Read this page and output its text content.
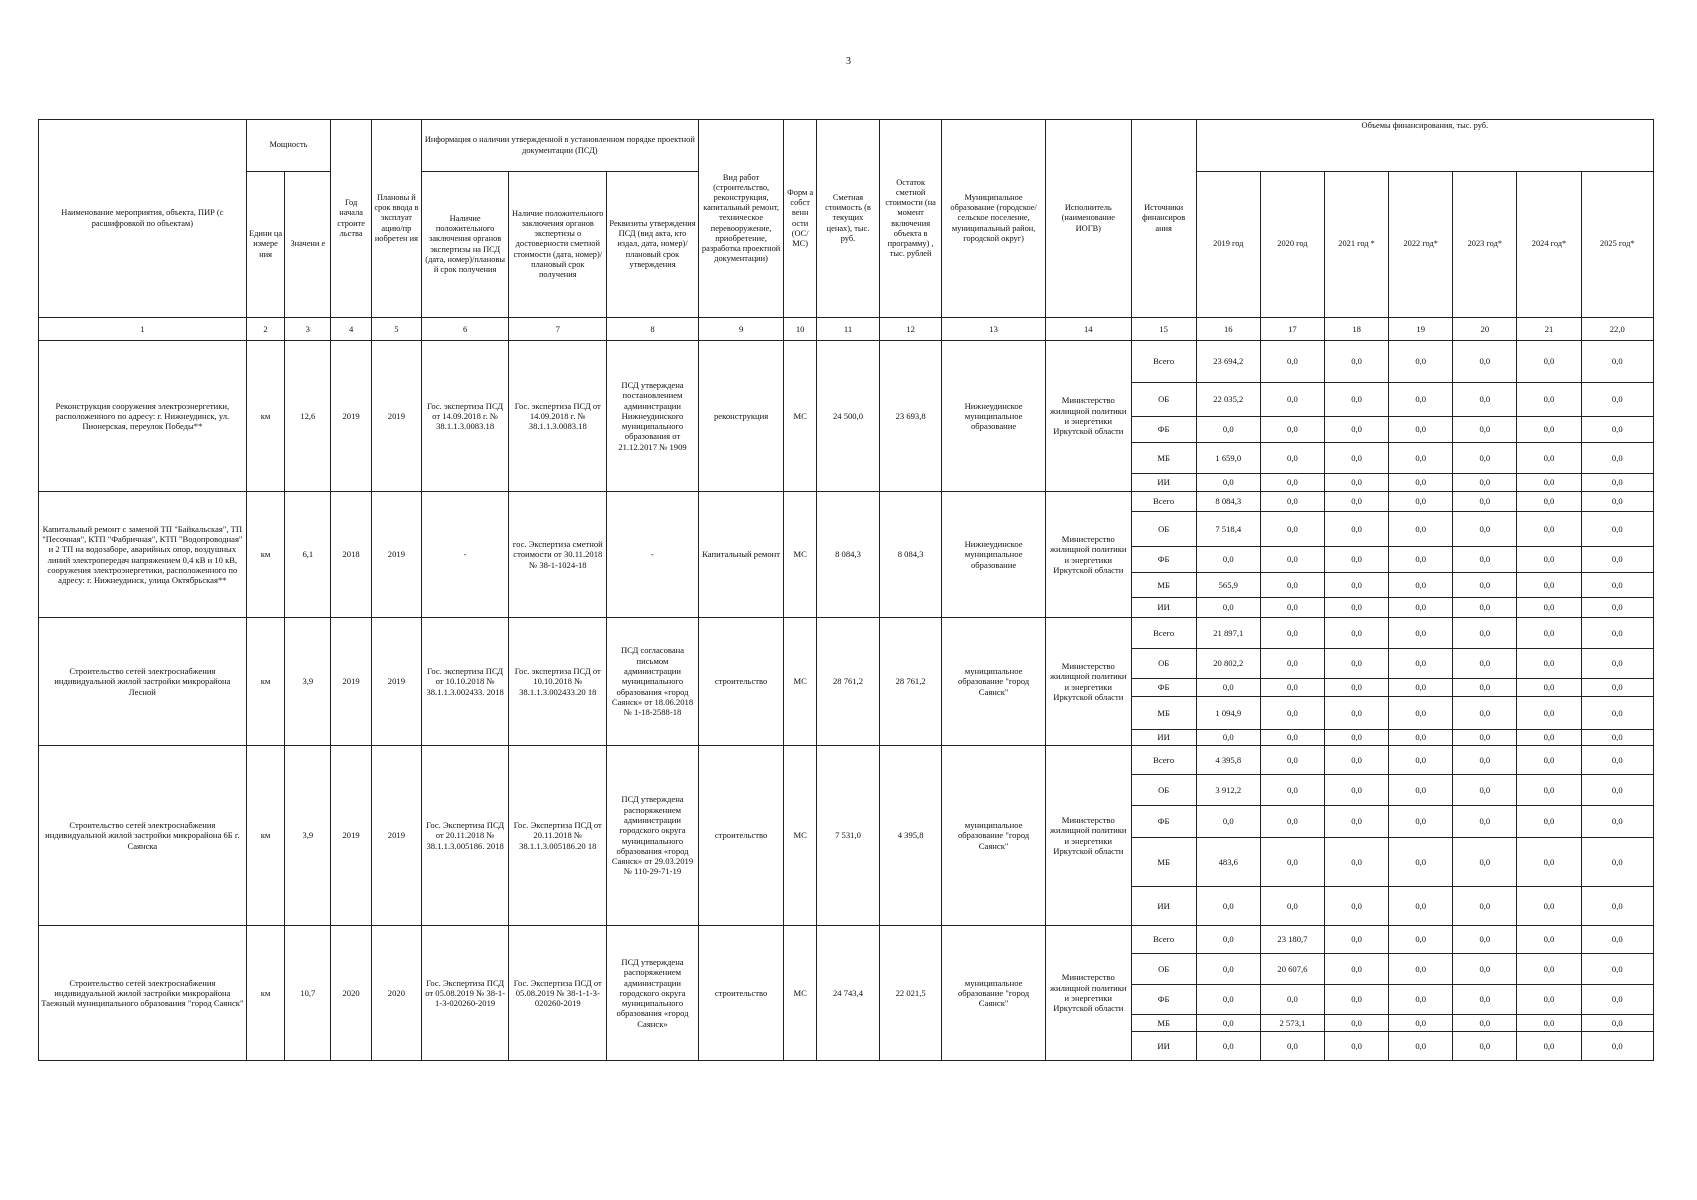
3
Наименование мероприятия, объекта, ПИР (с расшифровкой по объектам)	Мощность		Год начала строите льства	Плановы й срок ввода в эксплуат ацию/пр иобретен ия	Информация о наличии утвержденной в установленном порядке проектной документации (ПСД)			Вид работ (строительство, реконструкция, капитальный ремонт, техническое перевооружение, приобретение, разработка проектной документации)	Форм а собст венн ости (ОС/ МС)	Сметная стоимость (в текущих ценах), тыс. руб.	Остаток сметной стоимости (на момент включения объекта в программу) , тыс. рублей	Муниципальное образование (городское/сельское поселение, муниципальный район, городской округ)	Исполнитель (наименование ИОГВ)	Источники финансиров ания	Объемы финансирования, тыс. руб.						
	Едини ца измере ния	Значени е			Наличие положительного заключения органов экспертизы на ПСД (дата, номер)/плановы й срок получения	Наличие положительного заключения органов экспертизы о достоверности сметной стоимости (дата, номер)/плановый срок получения	Реквизиты утверждения ПСД (вид акта, кто издал, дата, номер)/плановый срок утверждения								2019 год	2020 год	2021 год *	2022 год*	2023 год*	2024 год*	2025 год*
1	2	3	4	5	6	7	8	9	10	11	12	13	14	15	16	17	18	19	20	21	22,0
Реконструкция сооружения электроэнергетики, расположенного по адресу: г. Нижнеудинск, ул. Пионерская, переулок Победы**	км	12,6	2019	2019	Гос. экспертиза ПСД от 14.09.2018 г. № 38.1.1.3.0083.18	Гос. экспертиза ПСД от 14.09.2018 г. № 38.1.1.3.0083.18	ПСД утверждена постановлением администрации Нижнеудинского муниципального образования от 21.12.2017 № 1909	реконструкция	МС	24 500,0	23 693,8	Нижнеудинское муниципальное образование	Министерство жилищной политики и энергетики Иркутской области	Всего	23 694,2	0,0	0,0	0,0	0,0	0,0	0,0
														ОБ	22 035,2	0,0	0,0	0,0	0,0	0,0	0,0
														ФБ	0,0	0,0	0,0	0,0	0,0	0,0	0,0
														МБ	1 659,0	0,0	0,0	0,0	0,0	0,0	0,0
														ИИ	0,0	0,0	0,0	0,0	0,0	0,0	0,0
Капитальный ремонт с заменой ТП "Байкальская", ТП "Песочная", КТП "Фабричная", КТП "Водопроводная" и 2 ТП на водозаборе, аварийных опор, воздушных линий электропередач напряжением 0,4 кВ и 10 кВ, сооружения электроэнергетики, расположенного по адресу: г. Нижнеудинск, улица Октябрьская**	км	6,1	2018	2019	-	гос. Экспертиза сметной стоимости от 30.11.2018 № 38-1-1024-18	-	Капитальный ремонт	МС	8 084,3	8 084,3	Нижнеудинское муниципальное образование	Министерство жилищной политики и энергетики Иркутской области	Всего	8 084,3	0,0	0,0	0,0	0,0	0,0	0,0
														ОБ	7 518,4	0,0	0,0	0,0	0,0	0,0	0,0
														ФБ	0,0	0,0	0,0	0,0	0,0	0,0	0,0
														МБ	565,9	0,0	0,0	0,0	0,0	0,0	0,0
														ИИ	0,0	0,0	0,0	0,0	0,0	0,0	0,0
Строительство сетей электроснабжения индивидуальной жилой застройки микрорайона Лесной	км	3,9	2019	2019	Гос. экспертиза ПСД от 10.10.2018 № 38.1.1.3.002433. 2018	Гос. экспертиза ПСД от 10.10.2018 № 38.1.1.3.002433.20 18	ПСД согласована письмом администрации муниципального образования «город Саянск» от 18.06.2018 № 1-18-2588-18	строительство	МС	28 761,2	28 761,2	муниципальное образование "город Саянск"	Министерство жилищной политики и энергетики Иркутской области	Всего	21 897,1	0,0	0,0	0,0	0,0	0,0	0,0
														ОБ	20 802,2	0,0	0,0	0,0	0,0	0,0	0,0
														ФБ	0,0	0,0	0,0	0,0	0,0	0,0	0,0
														МБ	1 094,9	0,0	0,0	0,0	0,0	0,0	0,0
														ИИ	0,0	0,0	0,0	0,0	0,0	0,0	0,0
Строительство сетей электроснабжения индивидуальной жилой застройки микрорайона 6Б г. Саянска	км	3,9	2019	2019	Гос. Экспертиза ПСД от 20.11.2018 № 38.1.1.3.005186. 2018	Гос. Экспертиза ПСД от 20.11.2018 № 38.1.1.3.005186.20 18	ПСД утверждена распоряжением администрации городского округа муниципального образования «город Саянск» от 29.03.2019 № 110-29-71-19	строительство	МС	7 531,0	4 395,8	муниципальное образование "город Саянск"	Министерство жилищной политики и энергетики Иркутской области	Всего	4 395,8	0,0	0,0	0,0	0,0	0,0	0,0
														ОБ	3 912,2	0,0	0,0	0,0	0,0	0,0	0,0
														ФБ	0,0	0,0	0,0	0,0	0,0	0,0	0,0
														МБ	483,6	0,0	0,0	0,0	0,0	0,0	0,0
														ИИ	0,0	0,0	0,0	0,0	0,0	0,0	0,0
Строительство сетей электроснабжения индивидуальной жилой застройки микрорайона Таежный муниципального образования "город Саянск"	км	10,7	2020	2020	Гос. Экспертиза ПСД от 05.08.2019 № 38-1-1-3-020260-2019	Гос. Экспертиза ПСД от 05.08.2019 № 38-1-1-3-020260-2019	ПСД утверждена распоряжением администрации городского округа муниципального образования «город Саянск»	строительство	МС	24 743,4	22 021,5	муниципальное образование "город Саянск"	Министерство жилищной политики и энергетики Иркутской области	Всего	0,0	23 180,7	0,0	0,0	0,0	0,0	0,0
														ОБ	0,0	20 607,6	0,0	0,0	0,0	0,0	0,0
														ФБ	0,0	0,0	0,0	0,0	0,0	0,0	0,0
														МБ	0,0	2 573,1	0,0	0,0	0,0	0,0	0,0
														ИИ	0,0	0,0	0,0	0,0	0,0	0,0	0,0
